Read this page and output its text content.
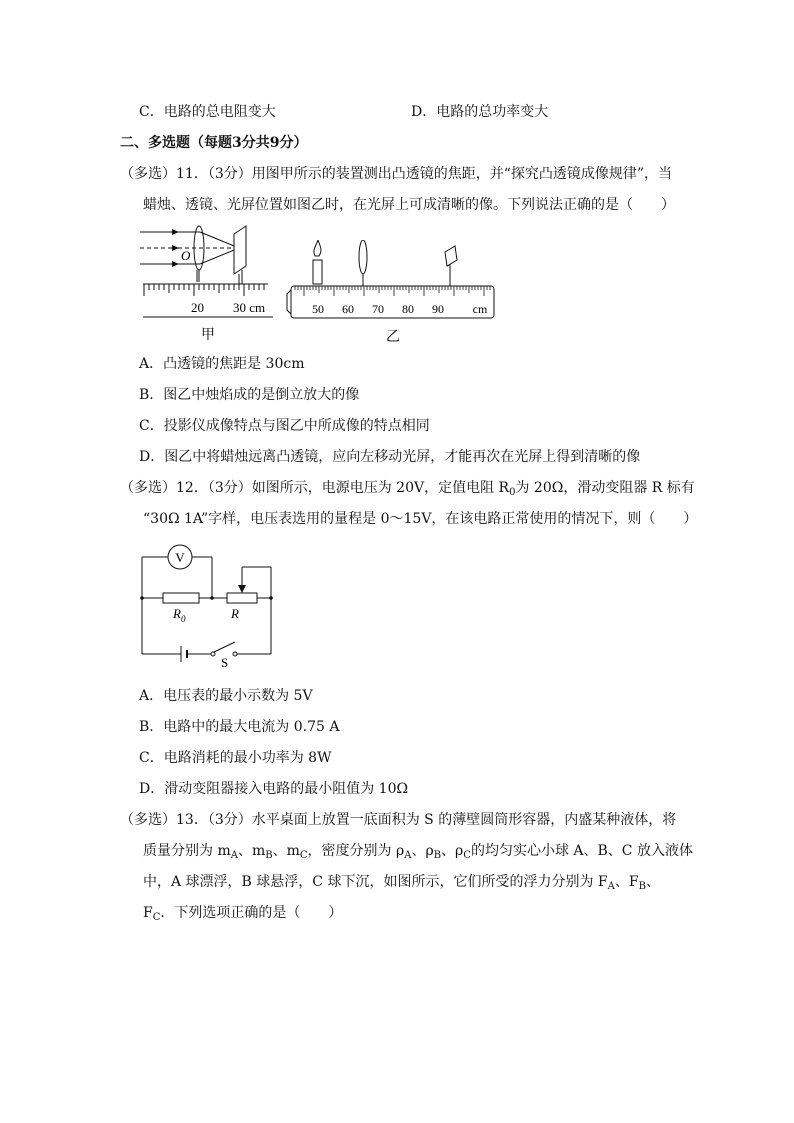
C．电路的总电阻变大	D．电路的总功率变大
二、多选题（每题3分共9分）
（多选）11．（3分）用图甲所示的装置测出凸透镜的焦距，并“探究凸透镜成像规律”，当
蜡烛、透镜、光屏位置如图乙时，在光屏上可成清晰的像。下列说法正确的是（　　）
O
20 30 cm
甲
50 60 70 80 90 cm
乙
A．凸透镜的焦距是 30cm
B．图乙中烛焰成的是倒立放大的像
C．投影仪成像特点与图乙中所成像的特点相同
D．图乙中将蜡烛远离凸透镜，应向左移动光屏，才能再次在光屏上得到清晰的像
（多选）12．（3分）如图所示，电源电压为 20V，定值电阻 $R_0$为 20Ω，滑动变阻器 R 标有
“30Ω 1A”字样，电压表选用的量程是 0～15V，在该电路正常使用的情况下，则（　　）
V
$R_0$	R
S
A．电压表的最小示数为 5V
B．电路中的最大电流为 0.75 A
C．电路消耗的最小功率为 8W
D．滑动变阻器接入电路的最小阻值为 10Ω
（多选）13．（3分）水平桌面上放置一底面积为 S 的薄壁圆筒形容器，内盛某种液体，将
质量分别为 $m_A$、$m_B$、$m_C$，密度分别为 $\rho_A$、$\rho_B$、$\rho_C$的均匀实心小球 A、B、C 放入液体
中，A 球漂浮，B 球悬浮，C 球下沉，如图所示，它们所受的浮力分别为 $F_A$、$F_B$、
$F_C$．下列选项正确的是（　　）
